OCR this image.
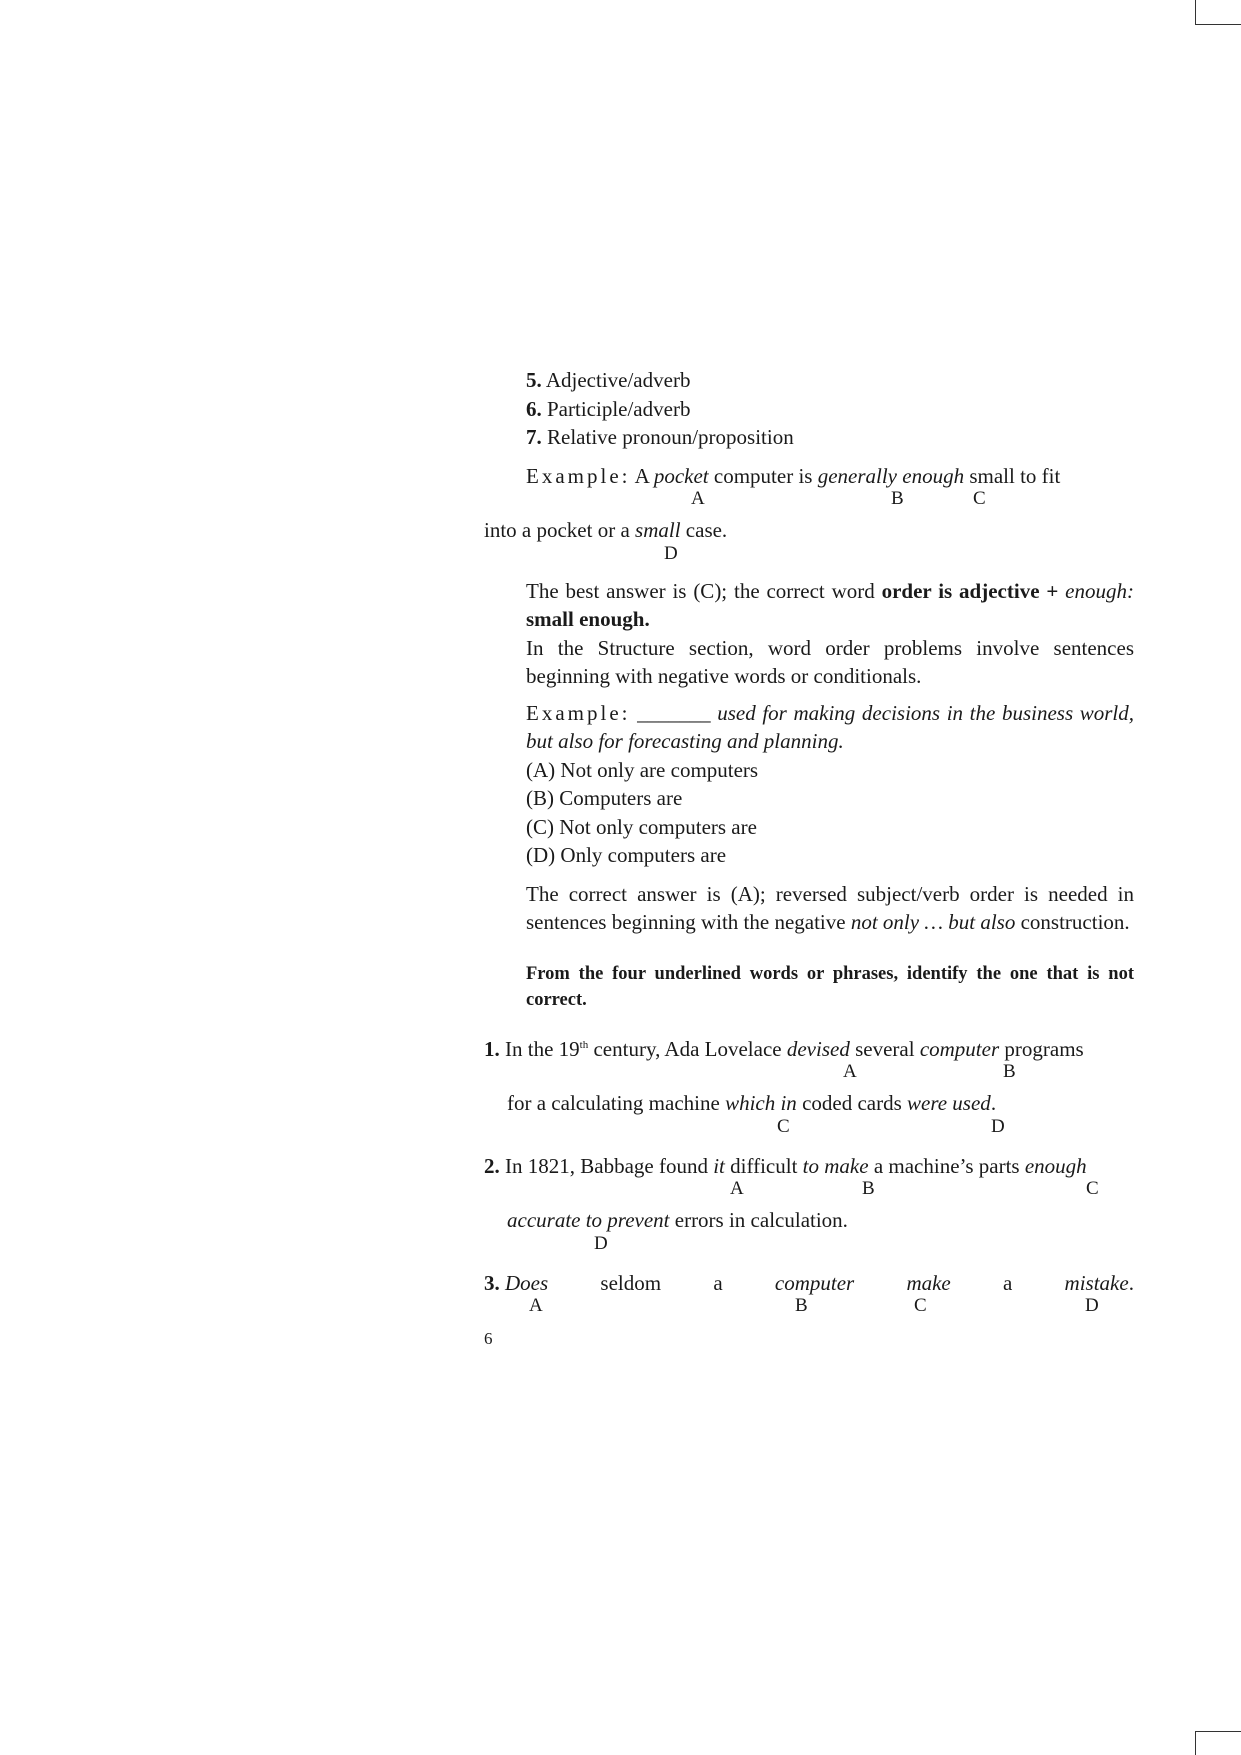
5. Adjective/adverb
6. Participle/adverb
7. Relative pronoun/proposition
Example: A pocket computer is generally enough small to fit
A	B	C
into a pocket or a small case.
D
The best answer is (C); the correct word order is adjective + enough: small enough.
In the Structure section, word order problems involve sentences beginning with negative words or conditionals.
Example: _______ used for making decisions in the business world, but also for forecasting and planning.
(A) Not only are computers
(B) Computers are
(C) Not only computers are
(D) Only computers are
The correct answer is (A); reversed subject/verb order is needed in sentences beginning with the negative not only … but also construction.
From the four underlined words or phrases, identify the one that is not correct.
1. In the 19th century, Ada Lovelace devised several computer programs
A	B
for a calculating machine which in coded cards were used.
C	D
2. In 1821, Babbage found it difficult to make a machine’s parts enough
A	B	C
accurate to prevent errors in calculation.
D
3. Does seldom a computer make a mistake.
A	B	C	D
6
